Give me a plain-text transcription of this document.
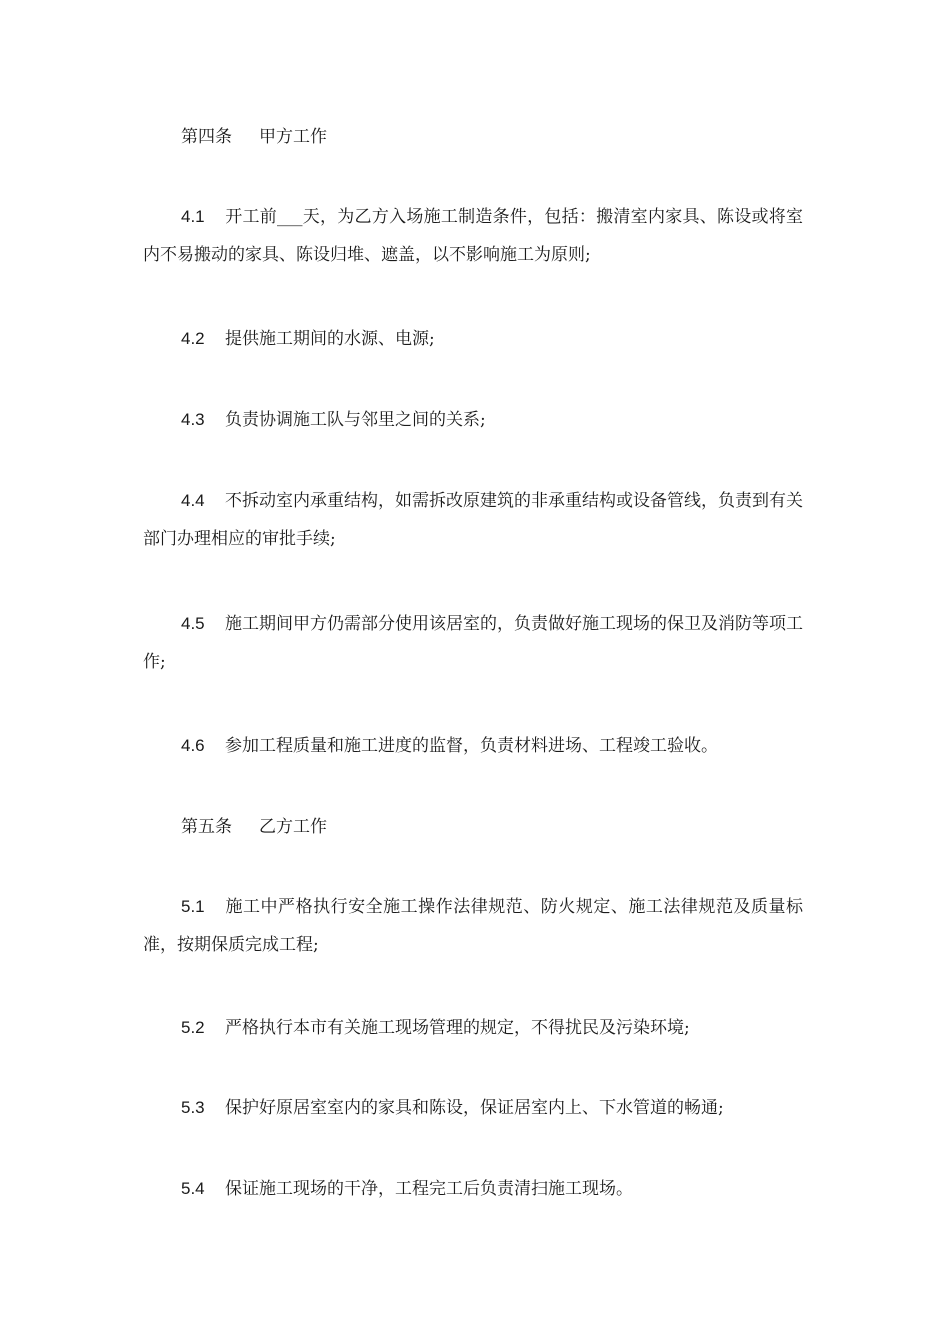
第四条 甲方工作

4.1 开工前___天，为乙方入场施工制造条件，包括：搬清室内家具、陈设或将室内不易搬动的家具、陈设归堆、遮盖，以不影响施工为原则;

4.2 提供施工期间的水源、电源;

4.3 负责协调施工队与邻里之间的关系;

4.4 不拆动室内承重结构，如需拆改原建筑的非承重结构或设备管线，负责到有关部门办理相应的审批手续;

4.5 施工期间甲方仍需部分使用该居室的，负责做好施工现场的保卫及消防等项工作;

4.6 参加工程质量和施工进度的监督，负责材料进场、工程竣工验收。

第五条 乙方工作

5.1 施工中严格执行安全施工操作法律规范、防火规定、施工法律规范及质量标准，按期保质完成工程;

5.2 严格执行本市有关施工现场管理的规定，不得扰民及污染环境;

5.3 保护好原居室室内的家具和陈设，保证居室内上、下水管道的畅通;

5.4 保证施工现场的干净，工程完工后负责清扫施工现场。
